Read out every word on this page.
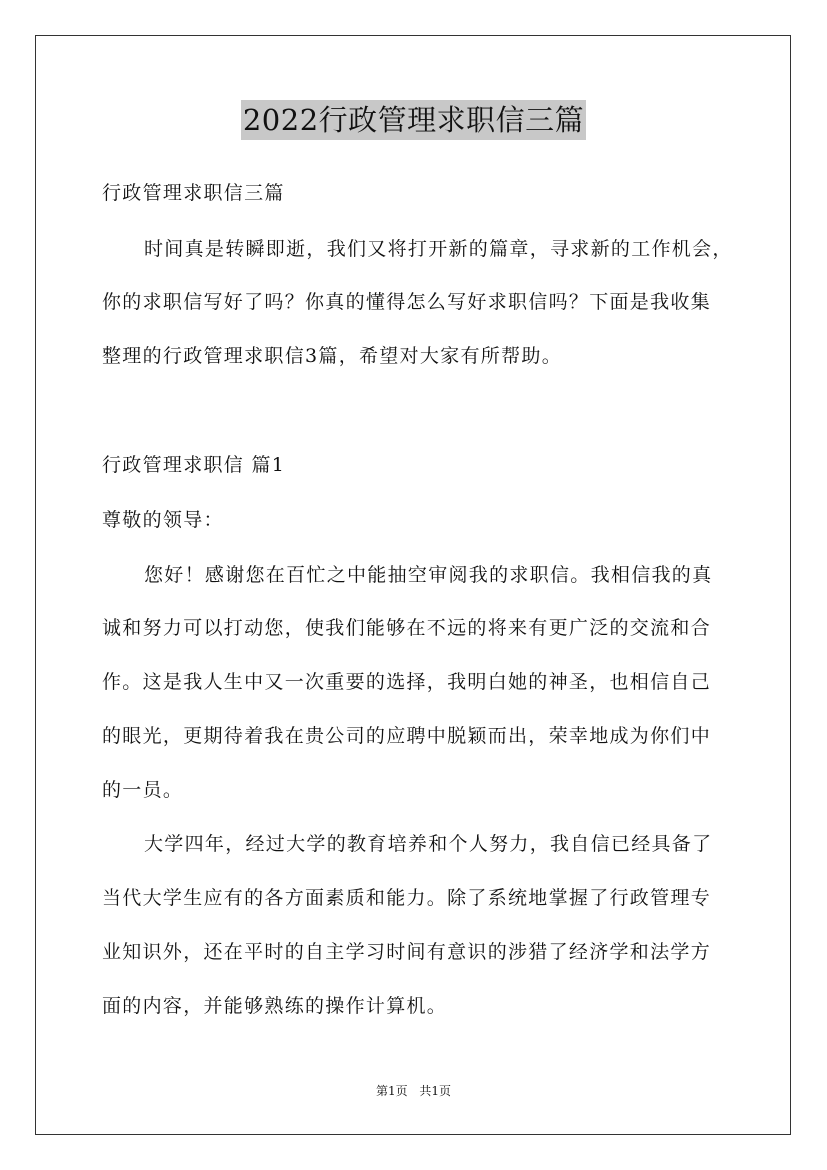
2022行政管理求职信三篇
行政管理求职信三篇
时间真是转瞬即逝，我们又将打开新的篇章，寻求新的工作机会，
你的求职信写好了吗？你真的懂得怎么写好求职信吗？下面是我收集
整理的行政管理求职信3篇，希望对大家有所帮助。
行政管理求职信 篇1
尊敬的领导：
您好！感谢您在百忙之中能抽空审阅我的求职信。我相信我的真
诚和努力可以打动您，使我们能够在不远的将来有更广泛的交流和合
作。这是我人生中又一次重要的选择，我明白她的神圣，也相信自己
的眼光，更期待着我在贵公司的应聘中脱颖而出，荣幸地成为你们中
的一员。
大学四年，经过大学的教育培养和个人努力，我自信已经具备了
当代大学生应有的各方面素质和能力。除了系统地掌握了行政管理专
业知识外，还在平时的自主学习时间有意识的涉猎了经济学和法学方
面的内容，并能够熟练的操作计算机。
第1页 共1页
